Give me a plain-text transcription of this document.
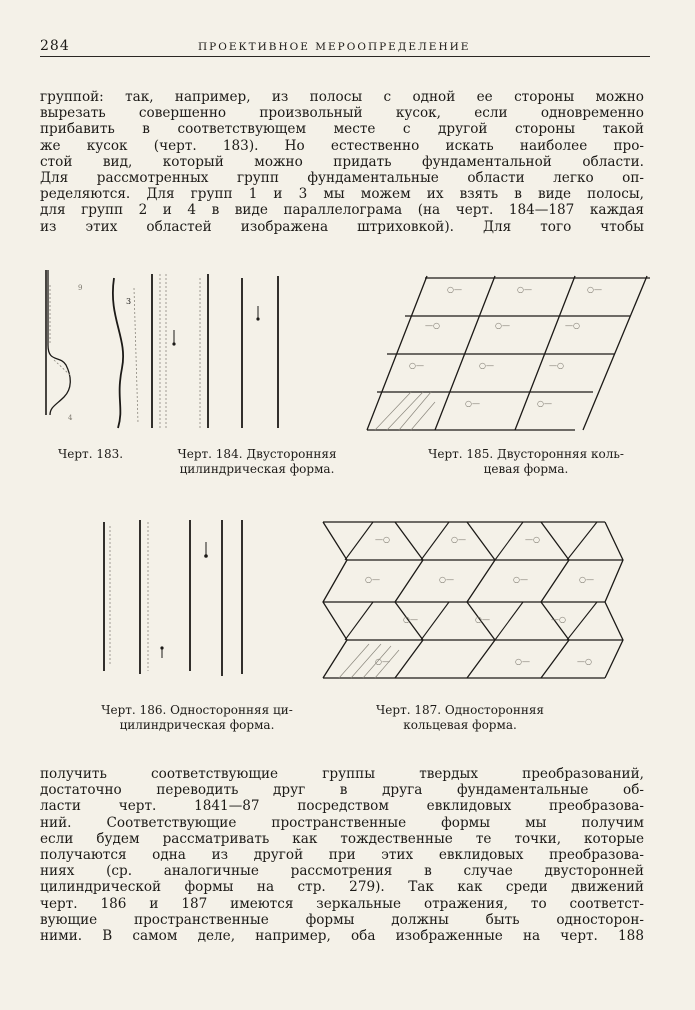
284	ПРОЕКТИВНОЕ МЕРООПРЕДЕЛЕНИЕ
группой: так, например, из полосы с одной ее стороны можно
вырезать совершенно произвольный кусок, если одновременно
прибавить в соответствующем месте с другой стороны такой
же кусок (черт. 183). Но естественно искать наиболее про-
стой вид, который можно придать фундаментальной области.
Для рассмотренных групп фундаментальные области легко оп-
ределяются. Для групп 1 и 3 мы можем их взять в виде полосы,
для групп 2 и 4 в виде параллелограма (на черт. 184—187 каждая
из этих областей изображена штриховкой). Для того чтобы
9
4
3
○—	○—	○—
—○	○—	—○
○—	○—	—○
○—	○—
Черт. 183.	Черт. 184. Двусторонняя
цилиндрическая форма.
Черт. 185. Двусторонняя коль-
цевая форма.
—○	○—	—○
○—	○—	○—	○—
○—	○—	—○
○—	○—	—○
Черт. 186. Односторонняя ци-
цилиндрическая форма.
Черт. 187. Односторонняя
кольцевая форма.
получить соответствующие группы твердых преобразований,
достаточно переводить друг в друга фундаментальные об-
ласти черт. 1841—87 посредством евклидовых преобразова-
ний. Соответствующие пространственные формы мы получим
если будем рассматривать как тождественные те точки, которые
получаются одна из другой при этих евклидовых преобразова-
ниях (ср. аналогичные рассмотрения в случае двусторонней
цилиндрической формы на стр. 279). Так как среди движений
черт. 186 и 187 имеются зеркальные отражения, то соответст-
вующие пространственные формы должны быть односторон-
ними. В самом деле, например, оба изображенные на черт. 188
